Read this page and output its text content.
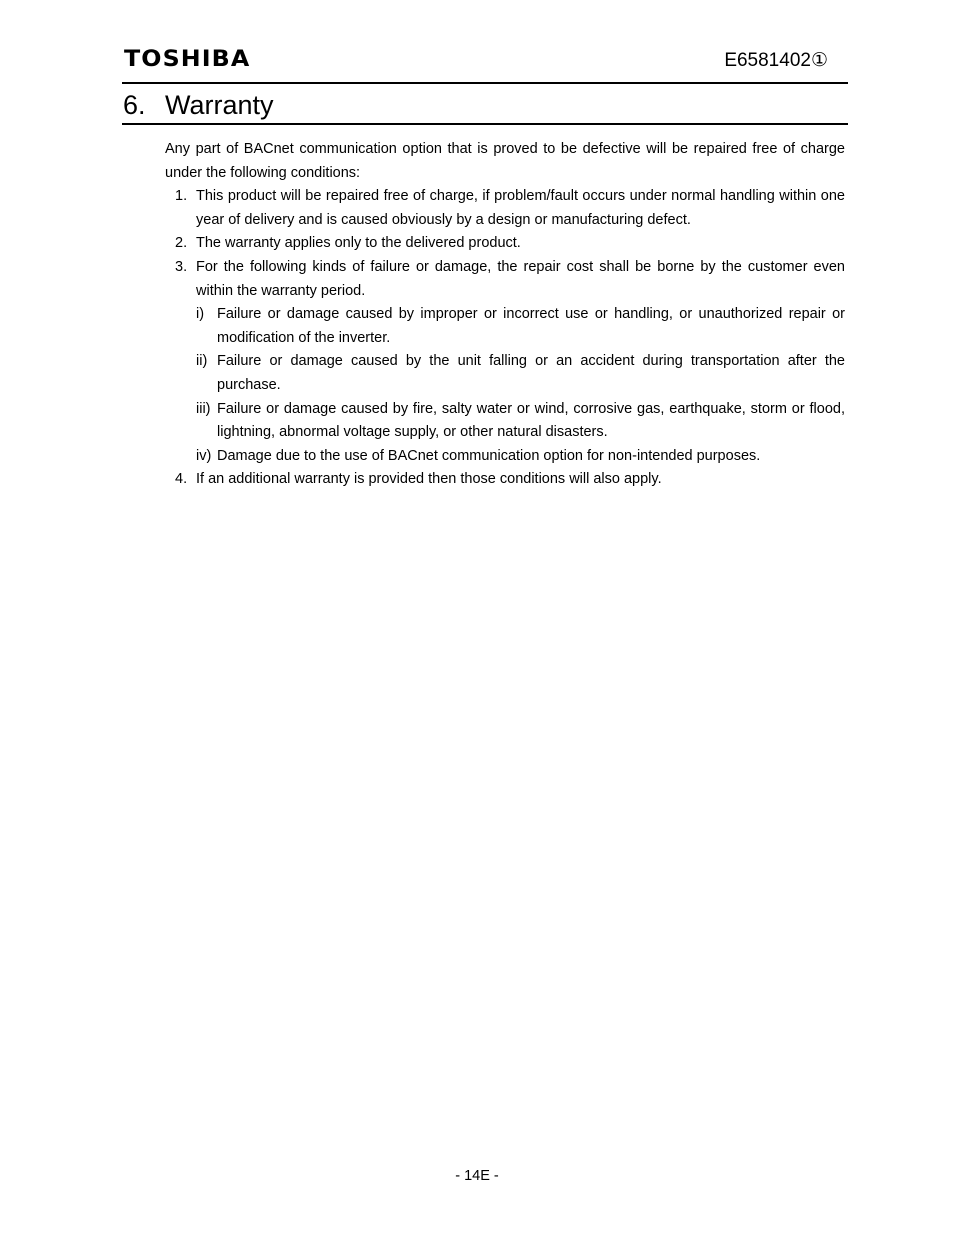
TOSHIBA	E6581402①
6. Warranty

Any part of BACnet communication option that is proved to be defective will be repaired free of charge under the following conditions:

1. This product will be repaired free of charge, if problem/fault occurs under normal handling within one year of delivery and is caused obviously by a design or manufacturing defect.
2. The warranty applies only to the delivered product.
3. For the following kinds of failure or damage, the repair cost shall be borne by the customer even within the warranty period.
i) Failure or damage caused by improper or incorrect use or handling, or unauthorized repair or modification of the inverter.
ii) Failure or damage caused by the unit falling or an accident during transportation after the purchase.
iii) Failure or damage caused by fire, salty water or wind, corrosive gas, earthquake, storm or flood, lightning, abnormal voltage supply, or other natural disasters.
iv) Damage due to the use of BACnet communication option for non-intended purposes.
4. If an additional warranty is provided then those conditions will also apply.
- 14E -
